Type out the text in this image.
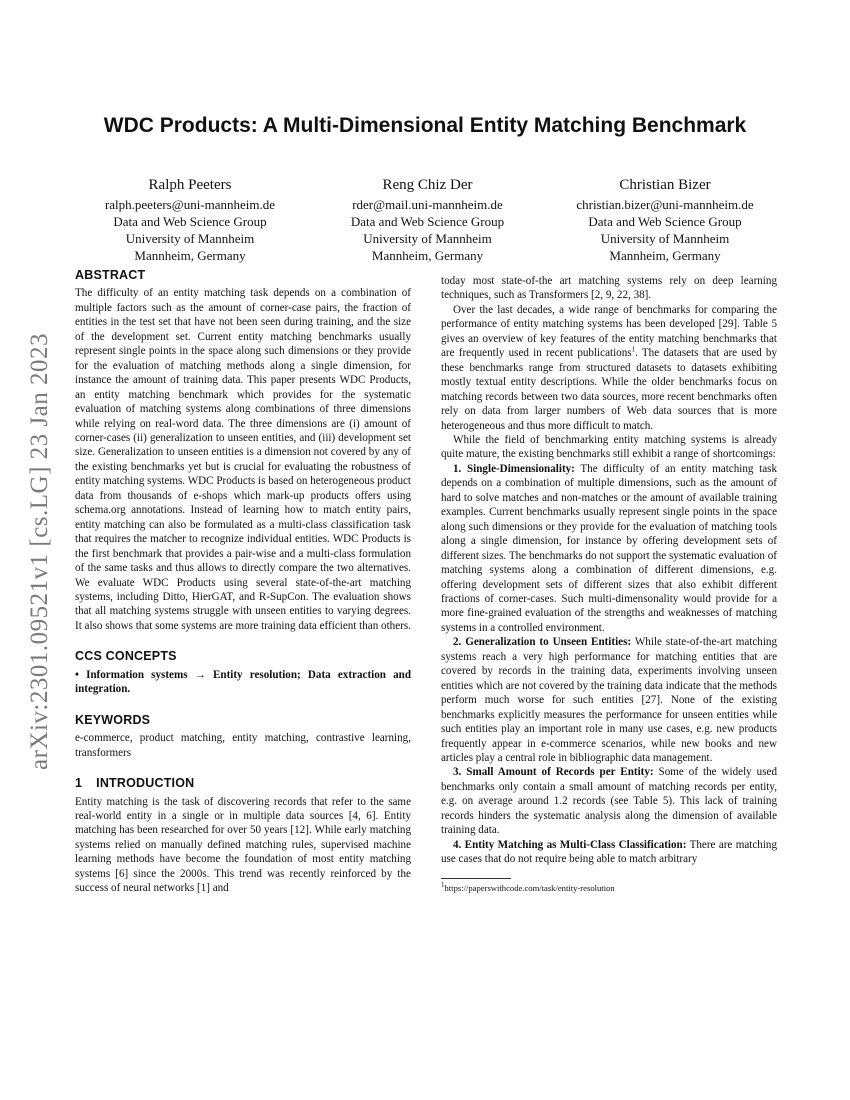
arXiv:2301.09521v1 [cs.LG] 23 Jan 2023
WDC Products: A Multi-Dimensional Entity Matching Benchmark
Ralph Peeters
ralph.peeters@uni-mannheim.de
Data and Web Science Group
University of Mannheim
Mannheim, Germany
Reng Chiz Der
rder@mail.uni-mannheim.de
Data and Web Science Group
University of Mannheim
Mannheim, Germany
Christian Bizer
christian.bizer@uni-mannheim.de
Data and Web Science Group
University of Mannheim
Mannheim, Germany
ABSTRACT

The difficulty of an entity matching task depends on a combination of multiple factors such as the amount of corner-case pairs, the fraction of entities in the test set that have not been seen during training, and the size of the development set. Current entity matching benchmarks usually represent single points in the space along such dimensions or they provide for the evaluation of matching methods along a single dimension, for instance the amount of training data. This paper presents WDC Products, an entity matching benchmark which provides for the systematic evaluation of matching systems along combinations of three dimensions while relying on real-word data. The three dimensions are (i) amount of corner-cases (ii) generalization to unseen entities, and (iii) development set size. Generalization to unseen entities is a dimension not covered by any of the existing benchmarks yet but is crucial for evaluating the robustness of entity matching systems. WDC Products is based on heterogeneous product data from thousands of e-shops which mark-up products offers using schema.org annotations. Instead of learning how to match entity pairs, entity matching can also be formulated as a multi-class classification task that requires the matcher to recognize individual entities. WDC Products is the first benchmark that provides a pair-wise and a multi-class formulation of the same tasks and thus allows to directly compare the two alternatives. We evaluate WDC Products using several state-of-the-art matching systems, including Ditto, HierGAT, and R-SupCon. The evaluation shows that all matching systems struggle with unseen entities to varying degrees. It also shows that some systems are more training data efficient than others.

CCS CONCEPTS

• Information systems → Entity resolution; Data extraction and integration.

KEYWORDS

e-commerce, product matching, entity matching, contrastive learning, transformers

1 INTRODUCTION

Entity matching is the task of discovering records that refer to the same real-world entity in a single or in multiple data sources [4, 6]. Entity matching has been researched for over 50 years [12]. While early matching systems relied on manually defined matching rules, supervised machine learning methods have become the foundation of most entity matching systems [6] since the 2000s. This trend was recently reinforced by the success of neural networks [1] and

today most state-of-the art matching systems rely on deep learning techniques, such as Transformers [2, 9, 22, 38].

Over the last decades, a wide range of benchmarks for comparing the performance of entity matching systems has been developed [29]. Table 5 gives an overview of key features of the entity matching benchmarks that are frequently used in recent publications$^1$. The datasets that are used by these benchmarks range from structured datasets to datasets exhibiting mostly textual entity descriptions. While the older benchmarks focus on matching records between two data sources, more recent benchmarks often rely on data from larger numbers of Web data sources that is more heterogeneous and thus more difficult to match.

While the field of benchmarking entity matching systems is already quite mature, the existing benchmarks still exhibit a range of shortcomings:

1. Single-Dimensionality: The difficulty of an entity matching task depends on a combination of multiple dimensions, such as the amount of hard to solve matches and non-matches or the amount of available training examples. Current benchmarks usually represent single points in the space along such dimensions or they provide for the evaluation of matching tools along a single dimension, for instance by offering development sets of different sizes. The benchmarks do not support the systematic evaluation of matching systems along a combination of different dimensions, e.g. offering development sets of different sizes that also exhibit different fractions of corner-cases. Such multi-dimensonality would provide for a more fine-grained evaluation of the strengths and weaknesses of matching systems in a controlled environment.

2. Generalization to Unseen Entities: While state-of-the-art matching systems reach a very high performance for matching entities that are covered by records in the training data, experiments involving unseen entities which are not covered by the training data indicate that the methods perform much worse for such entities [27]. None of the existing benchmarks explicitly measures the performance for unseen entities while such entities play an important role in many use cases, e.g. new products frequently appear in e-commerce scenarios, while new books and new articles play a central role in bibliographic data management.

3. Small Amount of Records per Entity: Some of the widely used benchmarks only contain a small amount of matching records per entity, e.g. on average around 1.2 records (see Table 5). This lack of training records hinders the systematic analysis along the dimension of available training data.

4. Entity Matching as Multi-Class Classification: There are matching use cases that do not require being able to match arbitrary

$^1$https://paperswithcode.com/task/entity-resolution
